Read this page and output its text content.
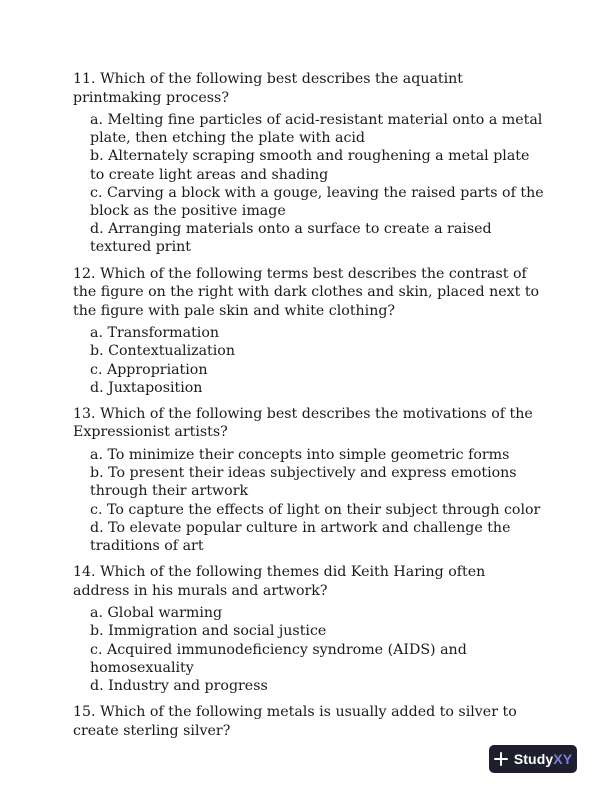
11. Which of the following best describes the aquatint printmaking process?

a. Melting fine particles of acid-resistant material onto a metal plate, then etching the plate with acid
b. Alternately scraping smooth and roughening a metal plate to create light areas and shading
c. Carving a block with a gouge, leaving the raised parts of the block as the positive image
d. Arranging materials onto a surface to create a raised textured print

12. Which of the following terms best describes the contrast of the figure on the right with dark clothes and skin, placed next to the figure with pale skin and white clothing?

a. Transformation
b. Contextualization
c. Appropriation
d. Juxtaposition

13. Which of the following best describes the motivations of the Expressionist artists?

a. To minimize their concepts into simple geometric forms
b. To present their ideas subjectively and express emotions through their artwork
c. To capture the effects of light on their subject through color
d. To elevate popular culture in artwork and challenge the traditions of art

14. Which of the following themes did Keith Haring often address in his murals and artwork?

a. Global warming
b. Immigration and social justice
c. Acquired immunodeficiency syndrome (AIDS) and homosexuality
d. Industry and progress

15. Which of the following metals is usually added to silver to create sterling silver?

StudyXY
